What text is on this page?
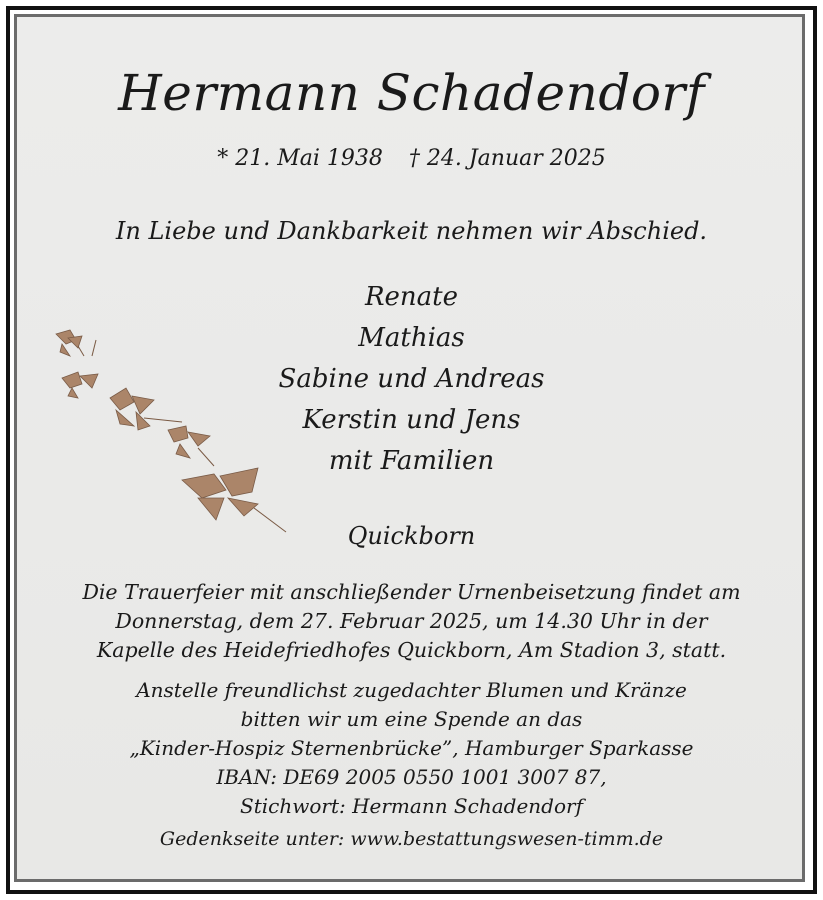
Hermann Schadendorf
* 21. Mai 1938 † 24. Januar 2025
In Liebe und Dankbarkeit nehmen wir Abschied.
Renate
Mathias
Sabine und Andreas
Kerstin und Jens
mit Familien
Quickborn
Die Trauerfeier mit anschließender Urnenbeisetzung findet am
Donnerstag, dem 27. Februar 2025, um 14.30 Uhr in der
Kapelle des Heidefriedhofes Quickborn, Am Stadion 3, statt.
Anstelle freundlichst zugedachter Blumen und Kränze
bitten wir um eine Spende an das
„Kinder-Hospiz Sternenbrücke”, Hamburger Sparkasse
IBAN: DE69 2005 0550 1001 3007 87,
Stichwort: Hermann Schadendorf
Gedenkseite unter: www.bestattungswesen-timm.de
